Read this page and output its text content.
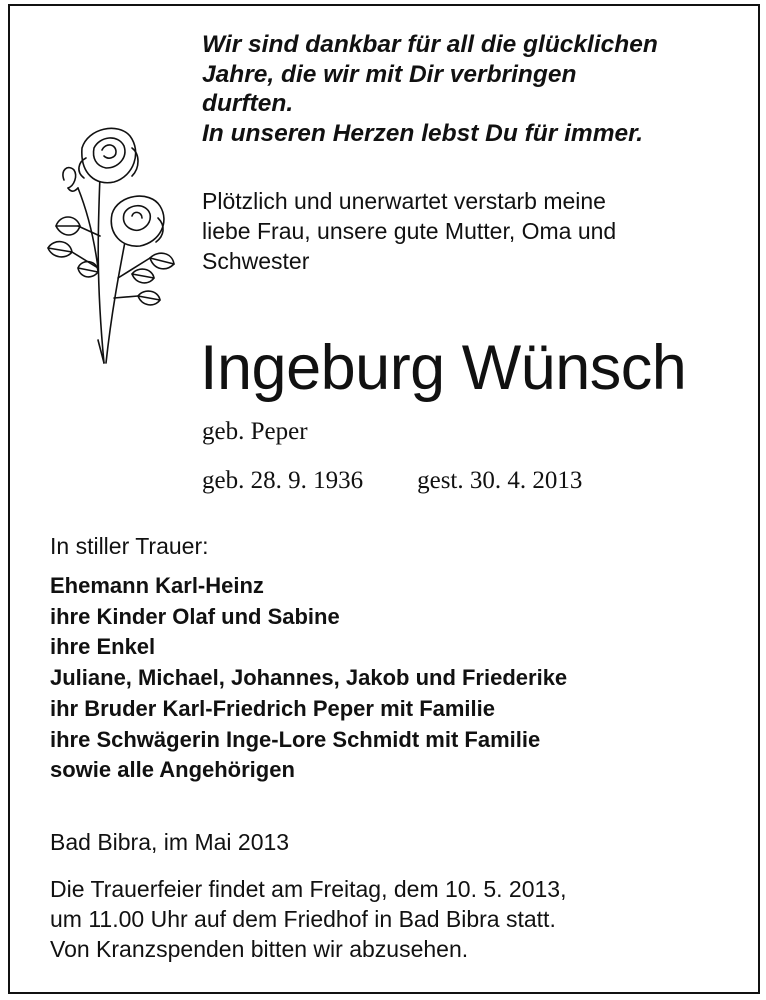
Wir sind dankbar für all die glücklichen
Jahre, die wir mit Dir verbringen
durften.
In unseren Herzen lebst Du für immer.
Plötzlich und unerwartet verstarb meine
liebe Frau, unsere gute Mutter, Oma und
Schwester
Ingeburg Wünsch
geb. Peper
geb. 28. 9. 1936 gest. 30. 4. 2013
In stiller Trauer:
Ehemann Karl-Heinz
ihre Kinder Olaf und Sabine
ihre Enkel
Juliane, Michael, Johannes, Jakob und Friederike
ihr Bruder Karl-Friedrich Peper mit Familie
ihre Schwägerin Inge-Lore Schmidt mit Familie
sowie alle Angehörigen
Bad Bibra, im Mai 2013
Die Trauerfeier findet am Freitag, dem 10. 5. 2013,
um 11.00 Uhr auf dem Friedhof in Bad Bibra statt.
Von Kranzspenden bitten wir abzusehen.
